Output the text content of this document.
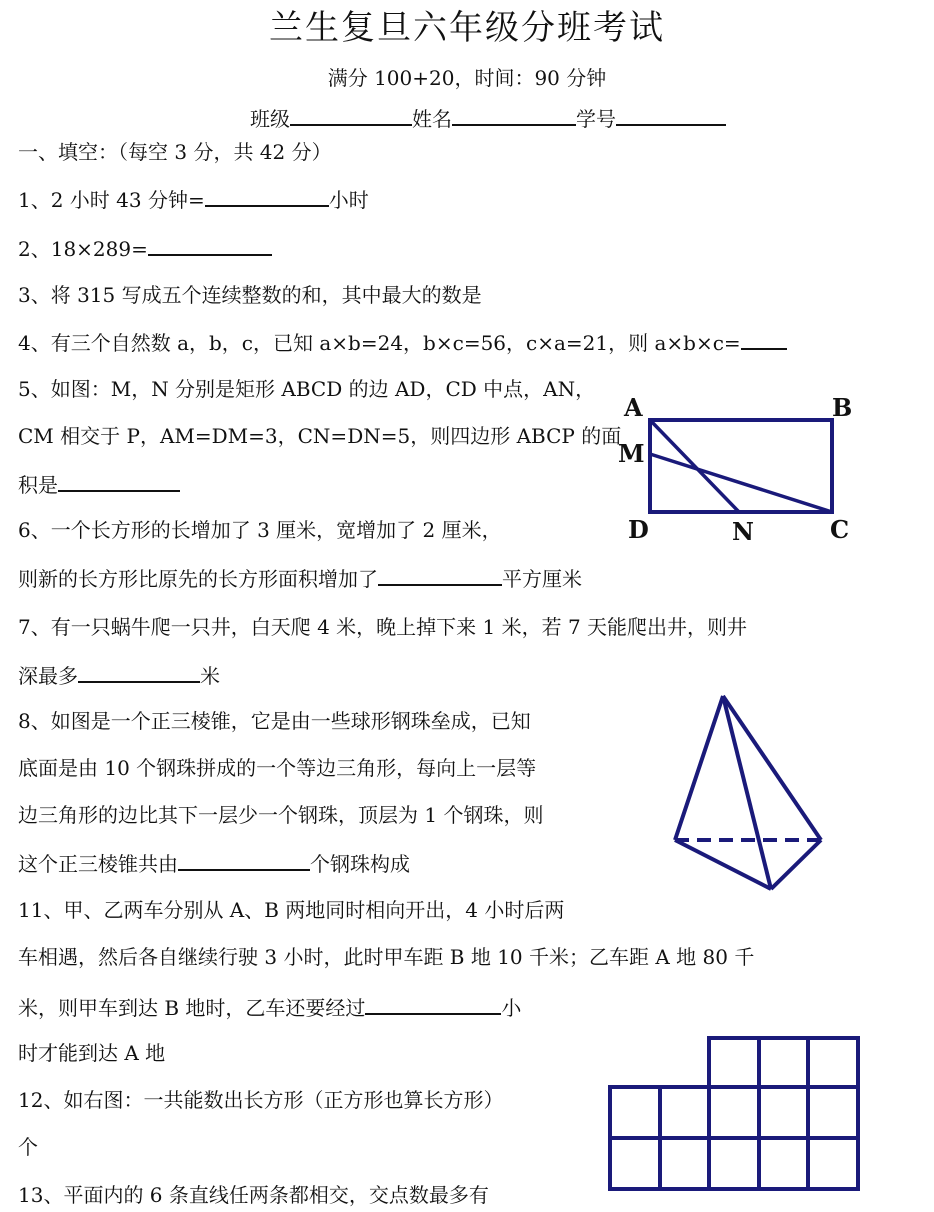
兰生复旦六年级分班考试
满分 100+20，时间：90 分钟
班级	姓名	学号
一、填空：（每空 3 分，共 42 分）
1、2 小时 43 分钟=	小时
2、18×289=
3、将 315 写成五个连续整数的和，其中最大的数是
4、有三个自然数 a，b，c，已知 a×b=24，b×c=56，c×a=21，则 a×b×c=
5、如图：M，N 分别是矩形 ABCD 的边 AD，CD 中点，AN，
CM 相交于 P，AM=DM=3，CN=DN=5，则四边形 ABCP 的面
积是
A	B
M
D	N	C
6、一个长方形的长增加了 3 厘米，宽增加了 2 厘米，
则新的长方形比原先的长方形面积增加了	平方厘米
7、有一只蜗牛爬一只井，白天爬 4 米，晚上掉下来 1 米，若 7 天能爬出井，则井
深最多	米
8、如图是一个正三棱锥，它是由一些球形钢珠垒成，已知
底面是由 10 个钢珠拼成的一个等边三角形，每向上一层等
边三角形的边比其下一层少一个钢珠，顶层为 1 个钢珠，则
这个正三棱锥共由	个钢珠构成
11、甲、乙两车分别从 A、B 两地同时相向开出，4 小时后两
车相遇，然后各自继续行驶 3 小时，此时甲车距 B 地 10 千米；乙车距 A 地 80 千
米，则甲车到达 B 地时，乙车还要经过	小
时才能到达 A 地
12、如右图：一共能数出长方形（正方形也算长方形）
个
13、平面内的 6 条直线任两条都相交，交点数最多有
